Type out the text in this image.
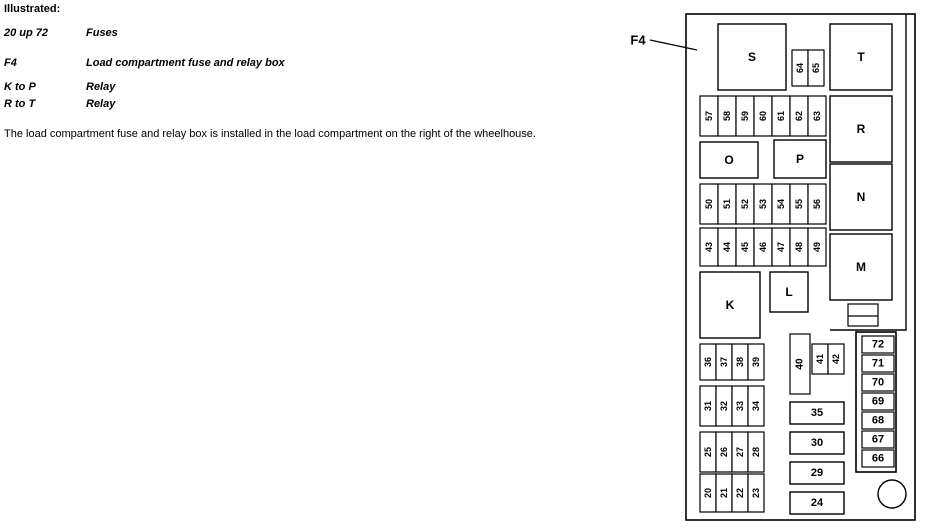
Illustrated:
20 up 72	Fuses
F4	Load compartment fuse and relay box
K to P	Relay
R to T	Relay
The load compartment fuse and relay box is installed in the load compartment on the right of the wheelhouse.
F4
S	T
R
O	P
N
M
K
L
64 65
57 58 59 60 61 62 63
50 51 52 53 54 55 56
43 44 45 46 47 48 49
36 37 38 39
31 32 33 34
25 26 27 28
20 21 22 23
40 41 42
35
30
29
24
72
71
70
69
68
67
66
